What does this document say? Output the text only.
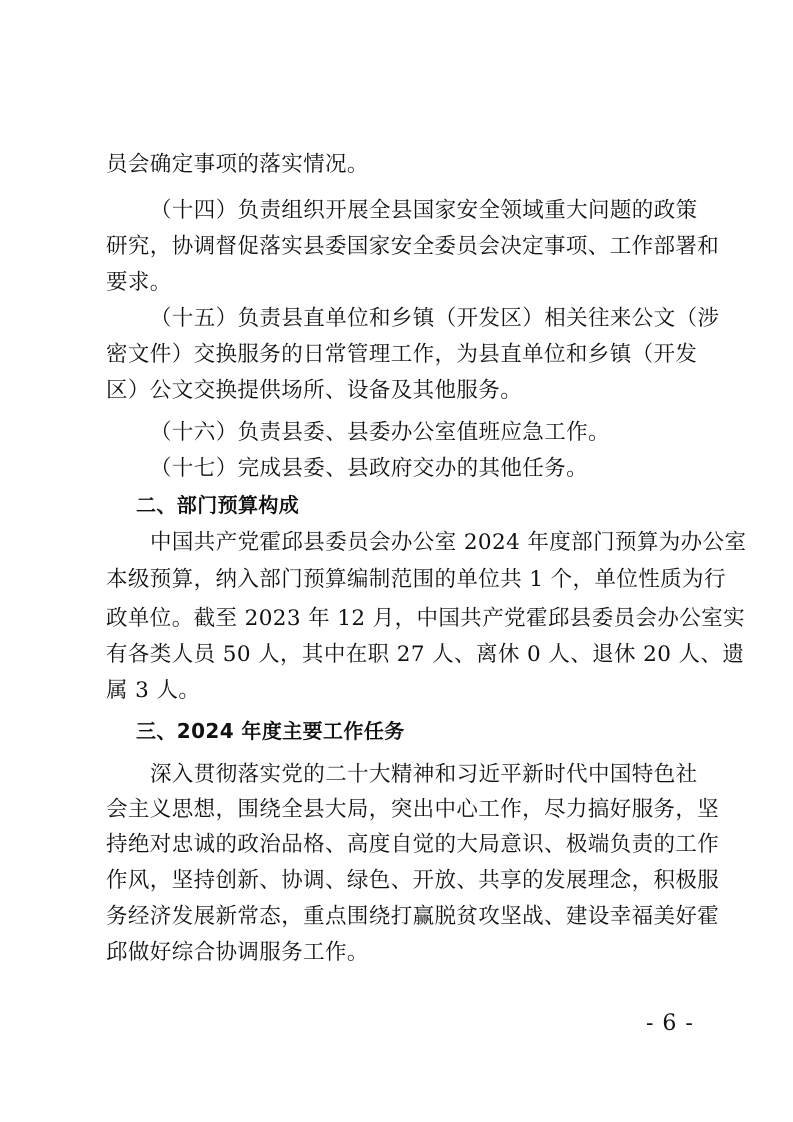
员会确定事项的落实情况。
（十四）负责组织开展全县国家安全领域重大问题的政策
研究，协调督促落实县委国家安全委员会决定事项、工作部署和
要求。
（十五）负责县直单位和乡镇（开发区）相关往来公文（涉
密文件）交换服务的日常管理工作，为县直单位和乡镇（开发
区）公文交换提供场所、设备及其他服务。
（十六）负责县委、县委办公室值班应急工作。
（十七）完成县委、县政府交办的其他任务。
二、部门预算构成
中国共产党霍邱县委员会办公室 2024 年度部门预算为办公室
本级预算，纳入部门预算编制范围的单位共 1 个，单位性质为行
政单位。截至 2023 年 12 月，中国共产党霍邱县委员会办公室实
有各类人员 50 人，其中在职 27 人、离休 0 人、退休 20 人、遗
属 3 人。
三、2024 年度主要工作任务
深入贯彻落实党的二十大精神和习近平新时代中国特色社
会主义思想，围绕全县大局，突出中心工作，尽力搞好服务，坚
持绝对忠诚的政治品格、高度自觉的大局意识、极端负责的工作
作风，坚持创新、协调、绿色、开放、共享的发展理念，积极服
务经济发展新常态，重点围绕打赢脱贫攻坚战、建设幸福美好霍
邱做好综合协调服务工作。
- 6 -
